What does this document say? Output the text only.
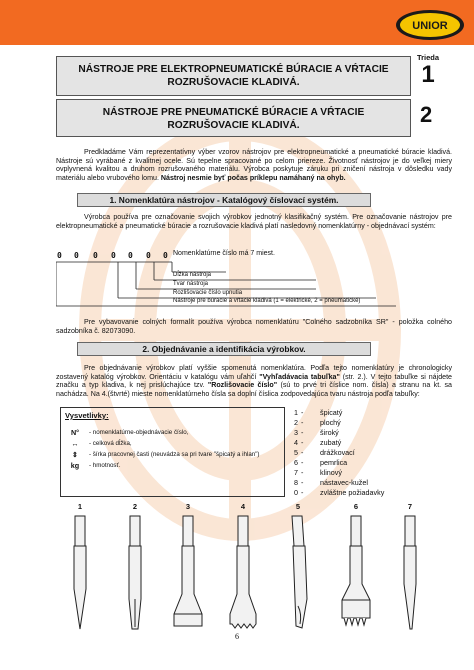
UNIOR
Trieda
1
NÁSTROJE PRE ELEKTROPNEUMATICKÉ BÚRACIE A VŔTACIE
ROZRUŠOVACIE KLADIVÁ.
NÁSTROJE PRE PNEUMATICKÉ BÚRACIE A VŔTACIE
ROZRUŠOVACIE KLADIVÁ.	2
Predkladáme Vám reprezentatívny výber vzorov nástrojov pre elektropneumatické a pneumatické búracie kladivá. Nástroje sú vyrábané z kvalitnej ocele. Sú tepelne spracované po celom priereze. Životnosť nástrojov je do veľkej miery ovplyvnená kvalitou a druhom rozrušovaného materiálu. Výrobca poskytuje záruku pri zničení nástroja v dôsledku vady materiálu alebo vrubového lomu. Nástroj nesmie byť počas príklepu namáhaný na ohyb.
1. Nomenklatúra nástrojov - Katalógový číslovací systém.
Výrobca používa pre označovanie svojich výrobkov jednotný klasifikačný systém. Pre označovanie nástrojov pre elektropneumatické a pneumatické búracie a rozrušovacie kladivá platí nasledovný nomenklatúrny - objednávací systém:
0 0 0 0 0 0 0 Nomenklatúrne číslo má 7 miest.
Dĺžka nástroja
Tvar nástroja
Rozlišovacie číslo upnutia
Nástroje pre búracie a vŕtacie kladivá (1 = elektrické, 2 = pneumatické)
Pre vybavovanie colných formalít používa výrobca nomenklatúru "Colného sadzobníka SR" - položka colného sadzobníka č. 82073090.
2. Objednávanie a identifikácia výrobkov.
Pre objednávanie výrobkov platí vyššie spomenutá nomenklatúra. Podľa tejto nomenklatúry je chronologicky zostavený katalóg výrobkov. Orientáciu v katalógu vám uľahčí "Vyhľadávacia tabuľka" (str. 2.). V tejto tabuľke si nájdete značku a typ kladiva, k nej prislúchajúce tzv. "Rozlišovacie číslo" (sú to prvé tri číslice nom. čísla) a stranu na kt. sa nachádza. Na 4.(štvrté) mieste nomenklatúrneho čísla sa doplní číslica zodpovedajúca tvaru nástroja podľa tabuľky:
Vysvetlivky:
N°	- nomenklatúrne-objednávacie číslo,
↔	- celková dĺžka,
⇕	- šírka pracovnej časti (neuvádza sa pri tvare "špicatý a ihlan")
kg	- hmotnosť.
1 - špicatý
2 - plochý
3 - široký
4 - zubatý
5 - drážkovací
6 - pemrlica
7 - klinový
8 - nástavec-kužel
0 - zvláštne požiadavky
1	2	3	4	5	6	7
6
